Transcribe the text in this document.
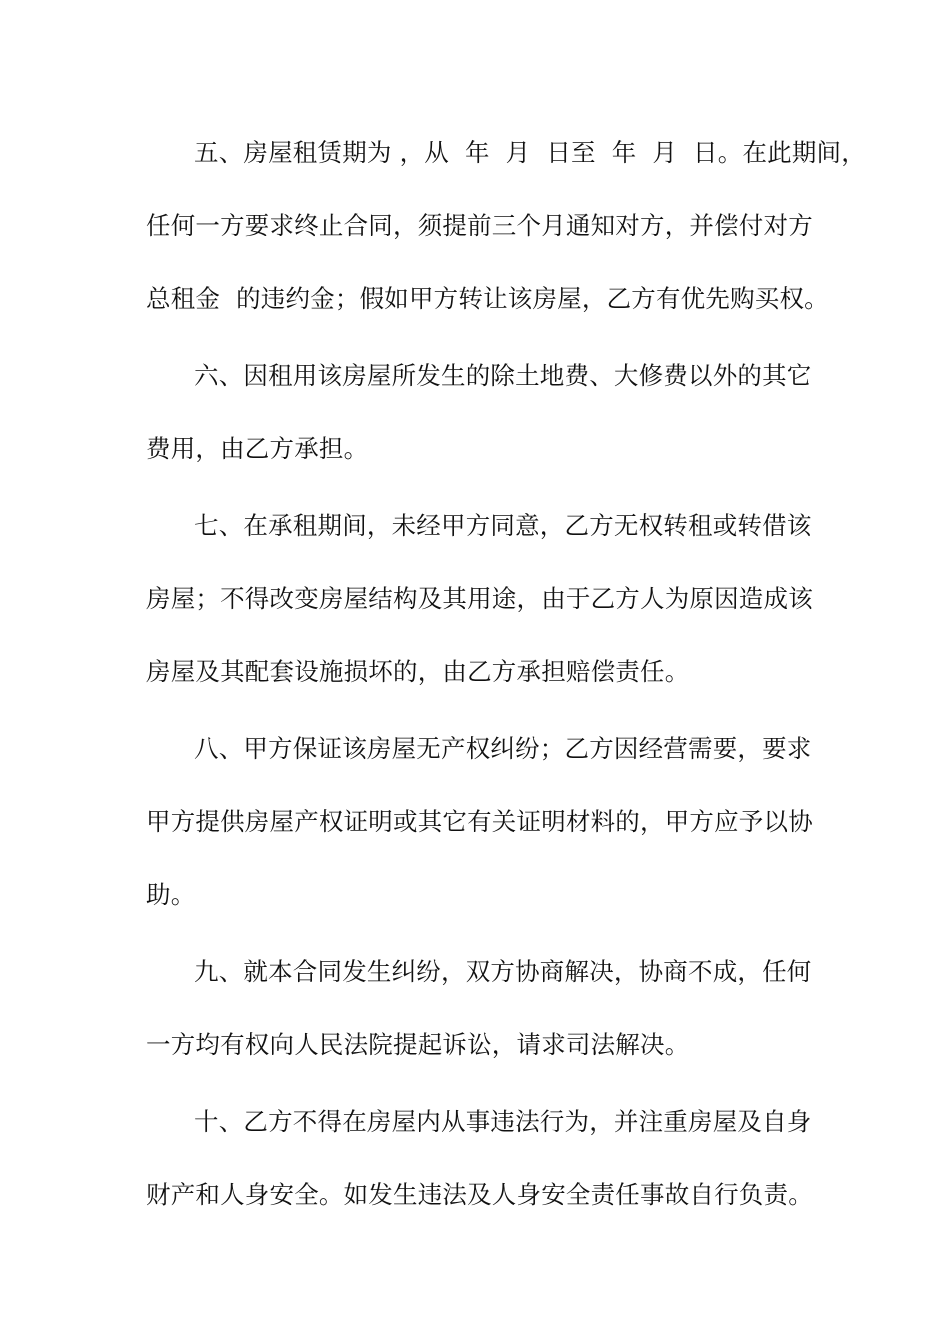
五、房屋租赁期为 ，从  年  月  日至  年  月  日。在此期间，
任何一方要求终止合同，须提前三个月通知对方，并偿付对方
总租金  的违约金；假如甲方转让该房屋，乙方有优先购买权。
六、因租用该房屋所发生的除土地费、大修费以外的其它
费用，由乙方承担。
七、在承租期间，未经甲方同意，乙方无权转租或转借该
房屋；不得改变房屋结构及其用途，由于乙方人为原因造成该
房屋及其配套设施损坏的，由乙方承担赔偿责任。
八、甲方保证该房屋无产权纠纷；乙方因经营需要，要求
甲方提供房屋产权证明或其它有关证明材料的，甲方应予以协
助。
九、就本合同发生纠纷，双方协商解决，协商不成，任何
一方均有权向人民法院提起诉讼，请求司法解决。
十、乙方不得在房屋内从事违法行为，并注重房屋及自身
财产和人身安全。如发生违法及人身安全责任事故自行负责。
